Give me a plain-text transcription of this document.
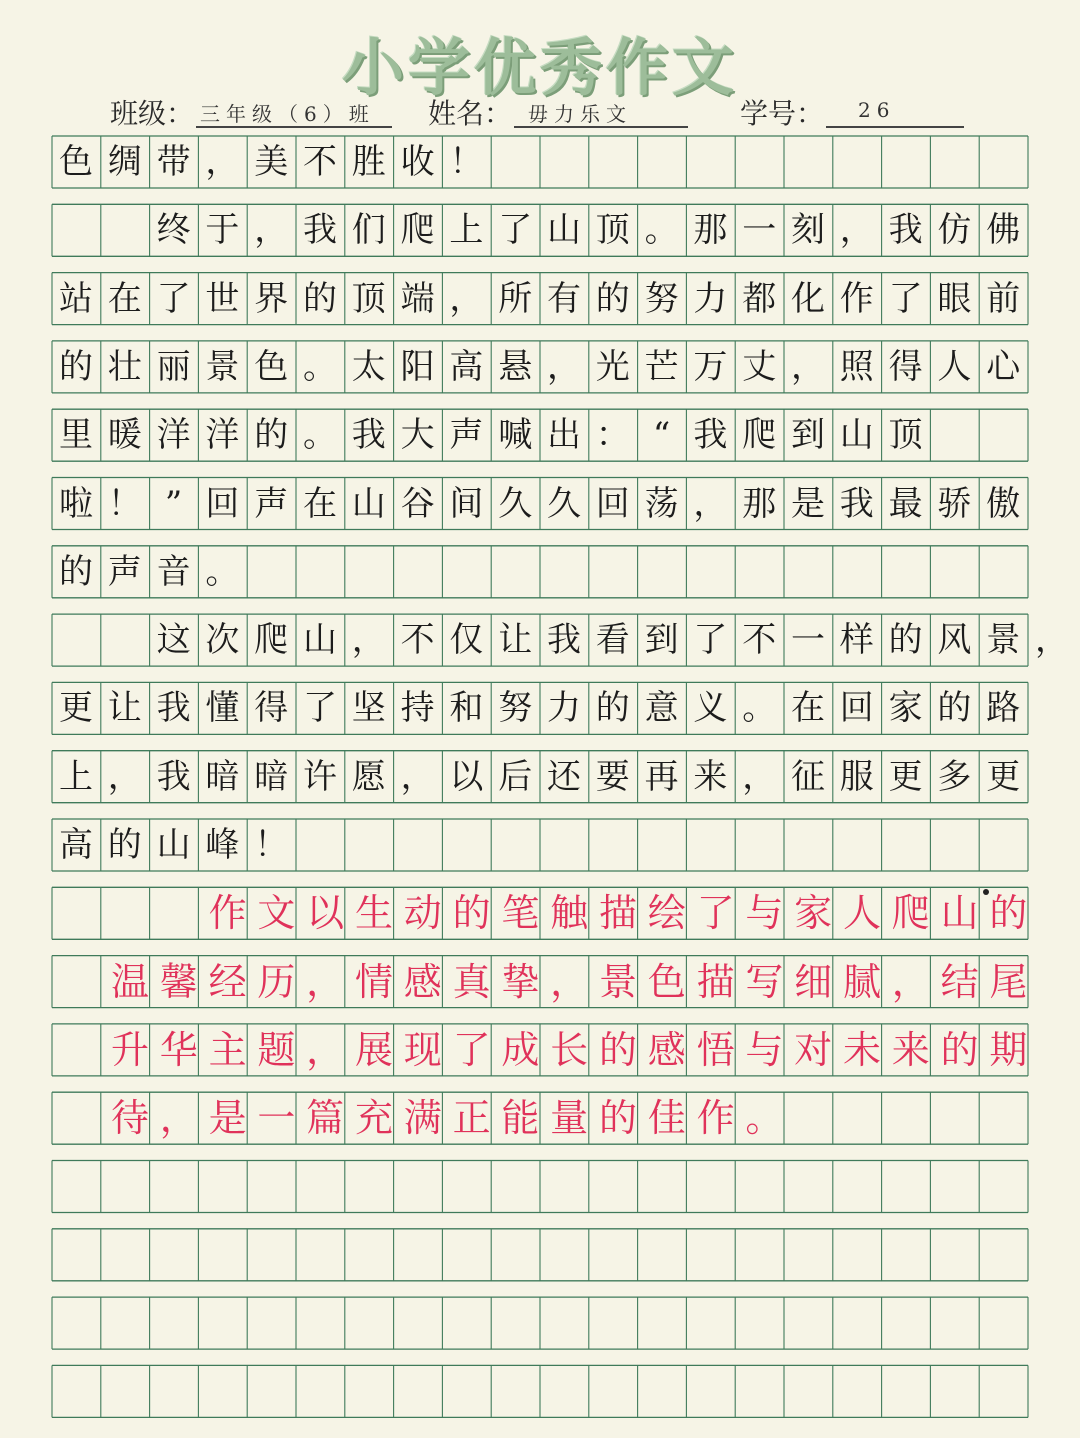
小学优秀作文
班级： 三年级（6）班 姓名： 毋力乐文	学号： 26
色 绸 带 ， 美 不 胜 收 ！

终 于 ， 我 们 爬 上 了 山 顶 。 那 一 刻 ， 我 仿 佛
站 在 了 世 界 的 顶 端 ， 所 有 的 努 力 都 化 作 了 眼 前
的 壮 丽 景 色 。 太 阳 高 悬 ， 光 芒 万 丈 ， 照 得 人 心
里 暖 洋 洋 的 。 我 大 声 喊 出 ： “ 我 爬 到 山 顶
啦 ！ ” 回 声 在 山 谷 间 久 久 回 荡 ， 那 是 我 最 骄 傲
的 声 音 。

这 次 爬 山 ， 不 仅 让 我 看 到 了 不 一 样 的 风 景 ，
更 让 我 懂 得 了 坚 持 和 努 力 的 意 义 。 在 回 家 的 路
上 ， 我 暗 暗 许 愿 ， 以 后 还 要 再 来 ， 征 服 更 多 更
高 的 山 峰 ！

作 文 以 生 动 的 笔 触 描 绘 了 与 家 人 爬 山 的
温 馨 经 历 ， 情 感 真 挚 ， 景 色 描 写 细 腻 ， 结 尾
升 华 主 题 ， 展 现 了 成 长 的 感 悟 与 对 未 来 的 期
待 ， 是 一 篇 充 满 正 能 量 的 佳 作 。
